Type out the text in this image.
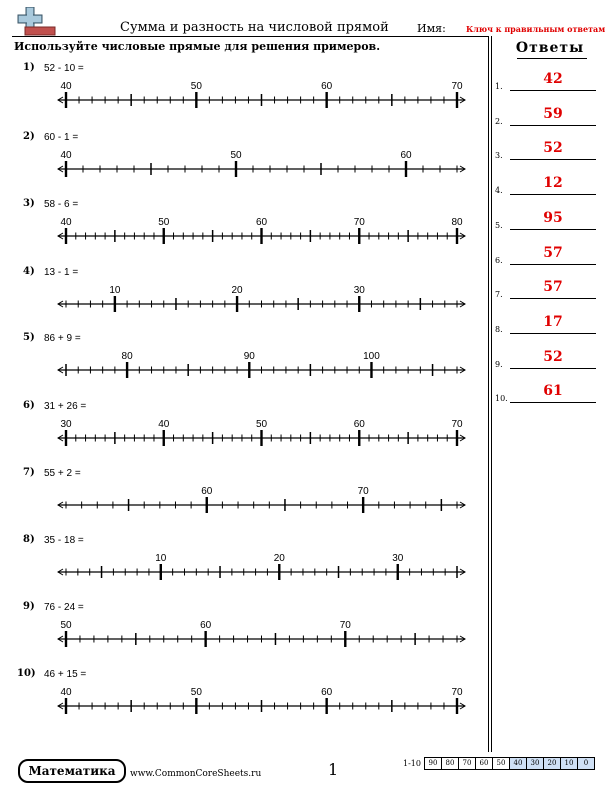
Сумма и разность на числовой прямой	Имя:	Ключ к правильным ответам
Используйте числовые прямые для решения примеров.
1) 52 - 10 =
40	50	60	70
2) 60 - 1 =
40	50	60
3) 58 - 6 =
40	50	60	70	80
4) 13 - 1 =
10	20	30
5) 86 + 9 =
80	90	100
6) 31 + 26 =
30	40	50	60	70
7) 55 + 2 =
60	70
8) 35 - 18 =
10	20	30
9) 76 - 24 =
50	60	70
10) 46 + 15 =
40	50	60	70
Ответы
1.	42
2.	59
3.	52
4.	12
5.	95
6.	57
7.	57
8.	17
9.	52
10.	61
Математика	www.CommonCoreSheets.ru	1	1-10	90	80	70	60	50	40	30	20	10	0
